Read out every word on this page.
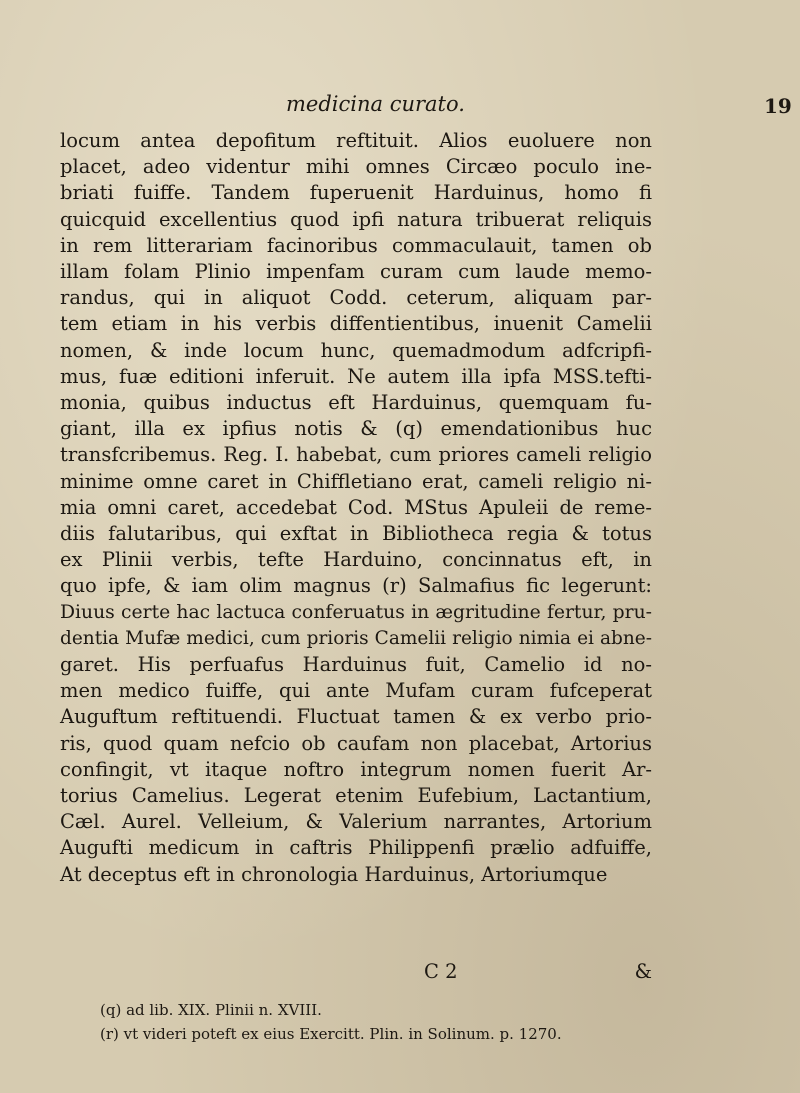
medicina curato.	19
locum antea depofitum reftituit. Alios euoluere non
placet, adeo videntur mihi omnes Circæo poculo ine-
briati fuiffe. Tandem fuperuenit Harduinus, homo fi
quicquid excellentius quod ipfi natura tribuerat reliquis
in rem litterariam facinoribus commaculauit, tamen ob
illam folam Plinio impenfam curam cum laude memo-
randus, qui in aliquot Codd. ceterum, aliquam par-
tem etiam in his verbis diffentientibus, inuenit Camelii
nomen, & inde locum hunc, quemadmodum adfcripfi-
mus, fuæ editioni inferuit. Ne autem illa ipfa MSS.tefti-
monia, quibus inductus eft Harduinus, quemquam fu-
giant, illa ex ipfius notis & (q) emendationibus huc
transfcribemus. Reg. I. habebat, cum priores cameli religio
minime omne caret in Chiffletiano erat, cameli religio ni-
mia omni caret, accedebat Cod. MStus Apuleii de reme-
diis falutaribus, qui exftat in Bibliotheca regia & totus
ex Plinii verbis, tefte Harduino, concinnatus eft, in
quo ipfe, & iam olim magnus (r) Salmafius fic legerunt:
Diuus certe hac lactuca conferuatus in ægritudine fertur, pru-
dentia Mufæ medici, cum prioris Camelii religio nimia ei abne-
garet. His perfuafus Harduinus fuit, Camelio id no-
men medico fuiffe, qui ante Mufam curam fufceperat
Auguftum reftituendi. Fluctuat tamen & ex verbo prio-
ris, quod quam nefcio ob caufam non placebat, Artorius
confingit, vt itaque noftro integrum nomen fuerit Ar-
torius Camelius. Legerat etenim Eufebium, Lactantium,
Cæl. Aurel. Velleium, & Valerium narrantes, Artorium
Augufti medicum in caftris Philippenfi prælio adfuiffe,
At deceptus eft in chronologia Harduinus, Artoriumque
C 2	&
(q) ad lib. XIX. Plinii n. XVIII.
(r) vt videri poteft ex eius Exercitt. Plin. in Solinum. p. 1270.
